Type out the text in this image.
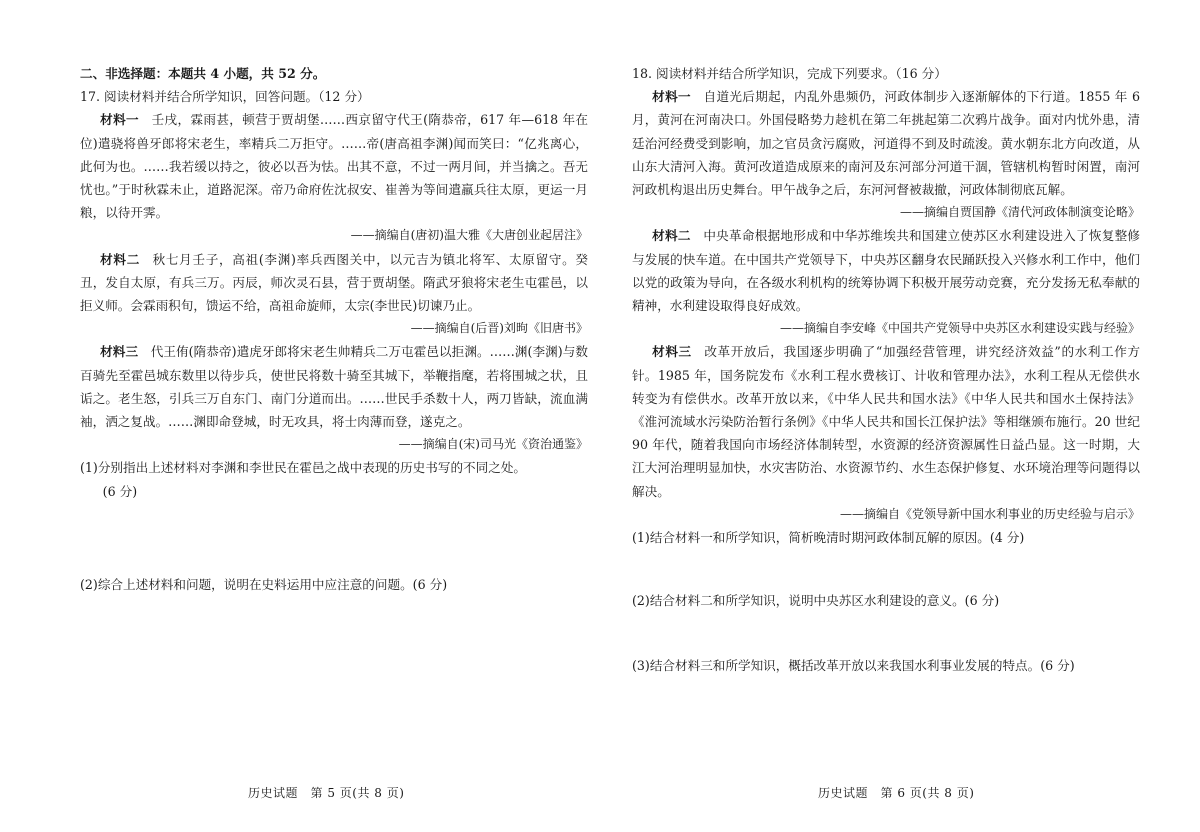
二、非选择题：本题共 4 小题，共 52 分。

17. 阅读材料并结合所学知识，回答问题。（12 分）

材料一 壬戌，霖雨甚，顿营于贾胡堡……西京留守代王(隋恭帝，617 年—618 年在位)遣骁将兽牙郎将宋老生，率精兵二万拒守。……帝(唐高祖李渊)闻而笑曰：“亿兆离心，此何为也。……我若缓以持之，彼必以吾为怯。出其不意，不过一两月间，并当擒之。吾无忧也。”于时秋霖未止，道路泥深。帝乃命府佐沈叔安、崔善为等间遣羸兵往太原，更运一月粮，以待开霁。

——摘编自(唐初)温大雅《大唐创业起居注》

材料二 秋七月壬子，高祖(李渊)率兵西图关中，以元吉为镇北将军、太原留守。癸丑，发自太原，有兵三万。丙辰，师次灵石县，营于贾胡堡。隋武牙狼将宋老生屯霍邑，以拒义师。会霖雨积旬，馈运不给，高祖命旋师，太宗(李世民)切谏乃止。

——摘编自(后晋)刘昫《旧唐书》

材料三 代王侑(隋恭帝)遣虎牙郎将宋老生帅精兵二万屯霍邑以拒渊。……渊(李渊)与数百骑先至霍邑城东数里以待步兵，使世民将数十骑至其城下，举鞭指麾，若将围城之状，且诟之。老生怒，引兵三万自东门、南门分道而出。……世民手杀数十人，两刀皆缺，流血满袖，洒之复战。……渊即命登城，时无攻具，将士肉薄而登，遂克之。

——摘编自(宋)司马光《资治通鉴》

(1)分别指出上述材料对李渊和李世民在霍邑之战中表现的历史书写的不同之处。

(6 分)

(2)综合上述材料和问题，说明在史料运用中应注意的问题。(6 分)

18. 阅读材料并结合所学知识，完成下列要求。（16 分）

材料一 自道光后期起，内乱外患频仍，河政体制步入逐渐解体的下行道。1855 年 6 月，黄河在河南决口。外国侵略势力趁机在第二年挑起第二次鸦片战争。面对内忧外患，清廷治河经费受到影响，加之官员贪污腐败，河道得不到及时疏浚。黄水朝东北方向改道，从山东大清河入海。黄河改道造成原来的南河及东河部分河道干涸，管辖机构暂时闲置，南河河政机构退出历史舞台。甲午战争之后，东河河督被裁撤，河政体制彻底瓦解。

——摘编自贾国静《清代河政体制演变论略》

材料二 中央革命根据地形成和中华苏维埃共和国建立使苏区水利建设进入了恢复整修与发展的快车道。在中国共产党领导下，中央苏区翻身农民踊跃投入兴修水利工作中，他们以党的政策为导向，在各级水利机构的统筹协调下积极开展劳动竞赛，充分发扬无私奉献的精神，水利建设取得良好成效。

——摘编自李安峰《中国共产党领导中央苏区水利建设实践与经验》

材料三 改革开放后，我国逐步明确了“加强经营管理，讲究经济效益”的水利工作方针。1985 年，国务院发布《水利工程水费核订、计收和管理办法》，水利工程从无偿供水转变为有偿供水。改革开放以来，《中华人民共和国水法》《中华人民共和国水土保持法》《淮河流域水污染防治暂行条例》《中华人民共和国长江保护法》等相继颁布施行。20 世纪 90 年代，随着我国向市场经济体制转型，水资源的经济资源属性日益凸显。这一时期，大江大河治理明显加快，水灾害防治、水资源节约、水生态保护修复、水环境治理等问题得以解决。

——摘编自《党领导新中国水利事业的历史经验与启示》

(1)结合材料一和所学知识，简析晚清时期河政体制瓦解的原因。(4 分)

(2)结合材料二和所学知识，说明中央苏区水利建设的意义。(6 分)

(3)结合材料三和所学知识，概括改革开放以来我国水利事业发展的特点。(6 分)

历史试题　第 5 页(共 8 页)	历史试题　第 6 页(共 8 页)
